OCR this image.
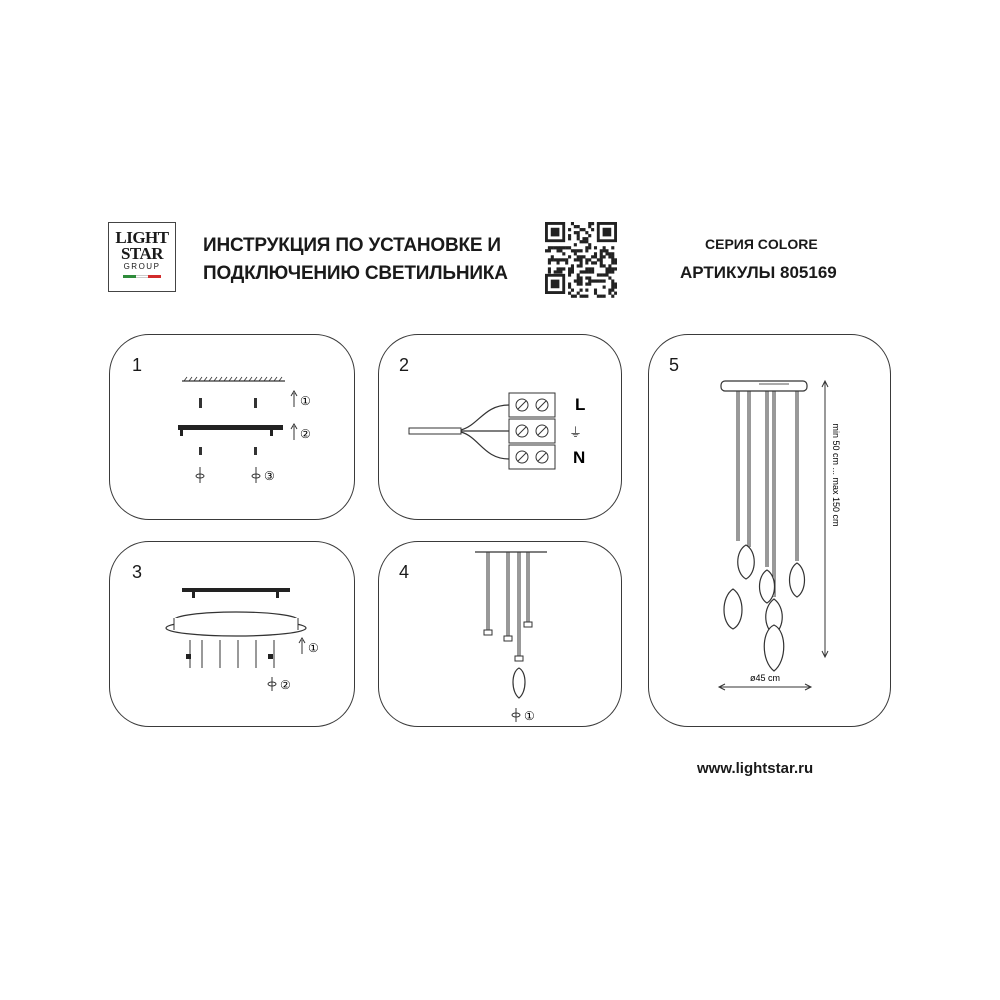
LIGHT
STAR
GROUP
ИНСТРУКЦИЯ ПО УСТАНОВКЕ И
ПОДКЛЮЧЕНИЮ СВЕТИЛЬНИКА
СЕРИЯ COLORE
АРТИКУЛЫ 805169
1
①
②
③
2
L
⏚
N
3
①
②
4
①
5
min 50 cm ... max 150 cm
ø45 cm
www.lightstar.ru
